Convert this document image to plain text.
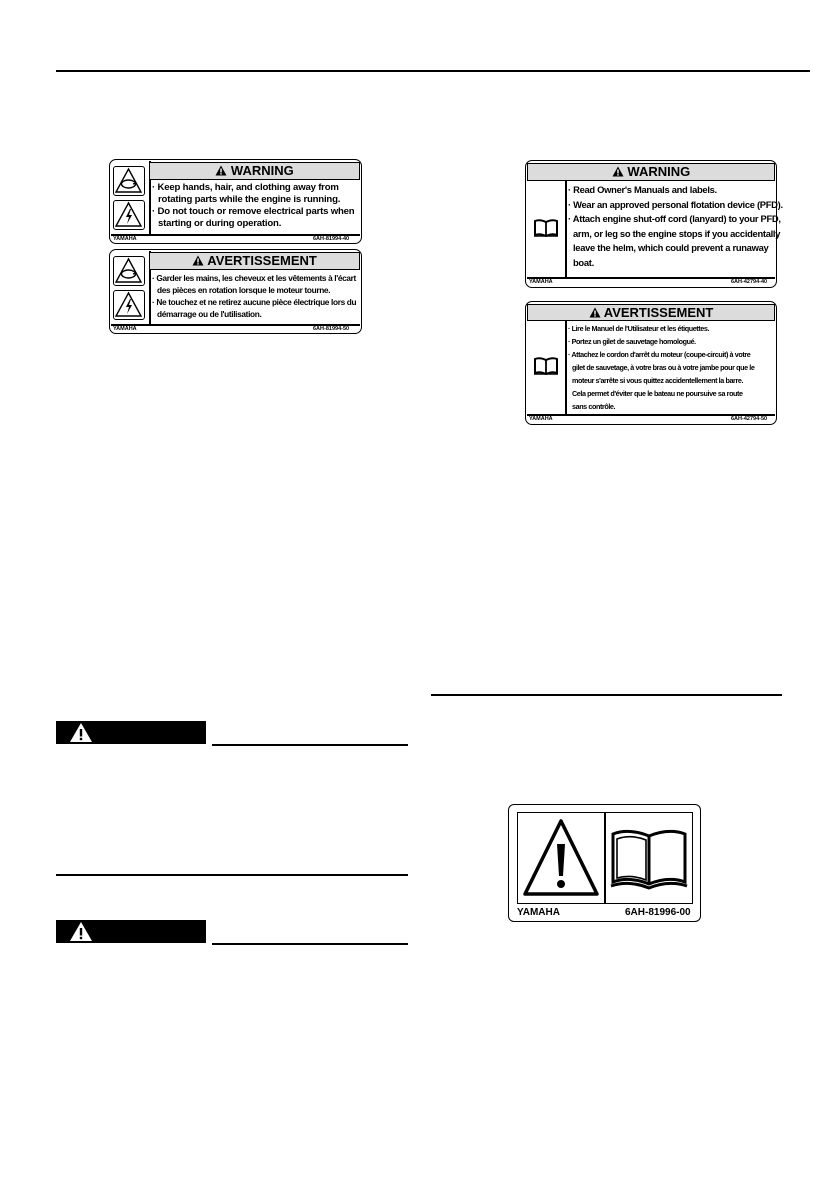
WARNING
· Keep hands, hair, and clothing away from
rotating parts while the engine is running.
· Do not touch or remove electrical parts when
starting or during operation.
YAMAHA	6AH-81994-40
AVERTISSEMENT
· Garder les mains, les cheveux et les vêtements à l'écart
des pièces en rotation lorsque le moteur tourne.
· Ne touchez et ne retirez aucune pièce électrique lors du
démarrage ou de l'utilisation.
YAMAHA	6AH-81994-50
WARNING
· Read Owner's Manuals and labels.
· Wear an approved personal flotation device (PFD).
· Attach engine shut-off cord (lanyard) to your PFD,
arm, or leg so the engine stops if you accidentally
leave the helm, which could prevent a runaway
boat.
YAMAHA	6AH-42794-40
AVERTISSEMENT
· Lire le Manuel de l'Utilisateur et les étiquettes.
· Portez un gilet de sauvetage homologué.
· Attachez le cordon d'arrêt du moteur (coupe-circuit) à votre
gilet de sauvetage, à votre bras ou à votre jambe pour que le
moteur s'arrête si vous quittez accidentellement la barre.
Cela permet d'éviter que le bateau ne poursuive sa route
sans contrôle.
YAMAHA	6AH-42794-50
YAMAHA	6AH-81996-00
